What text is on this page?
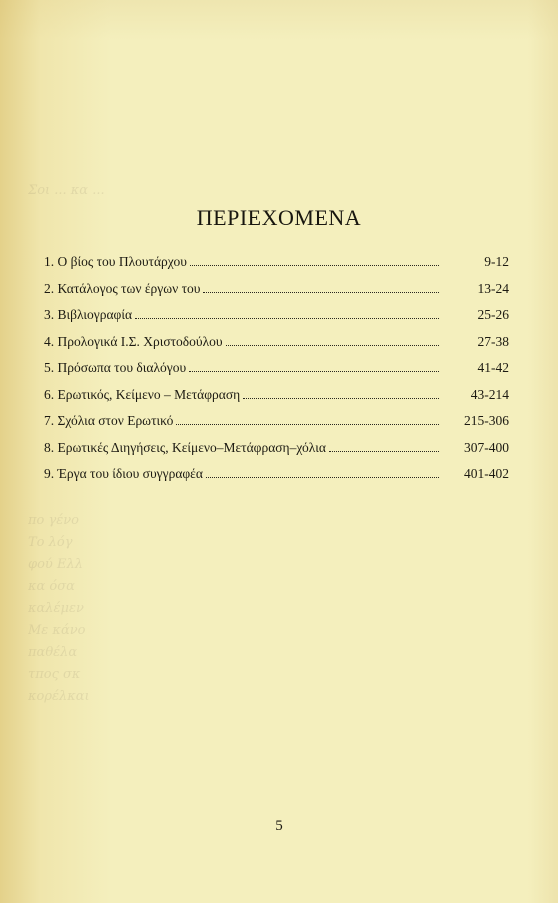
Σοι ... κα ...
πο γένο
Το λόγ
φού Ελλ
κα όσα
καλέμεν
Με κάνο
παθέλα
τπος σκ
κορέλκαι
ΠΕΡΙΕΧΟΜΕΝΑ
1. Ο βίος του Πλουτάρχου	9-12
2. Κατάλογος των έργων του	13-24
3. Βιβλιογραφία	25-26
4. Προλογικά Ι.Σ. Χριστοδούλου	27-38
5. Πρόσωπα του διαλόγου	41-42
6. Ερωτικός, Κείμενο – Μετάφραση	43-214
7. Σχόλια στον Ερωτικό	215-306
8. Ερωτικές Διηγήσεις, Κείμενο–Μετάφραση–χόλια	307-400
9. Έργα του ίδιου συγγραφέα	401-402
5
